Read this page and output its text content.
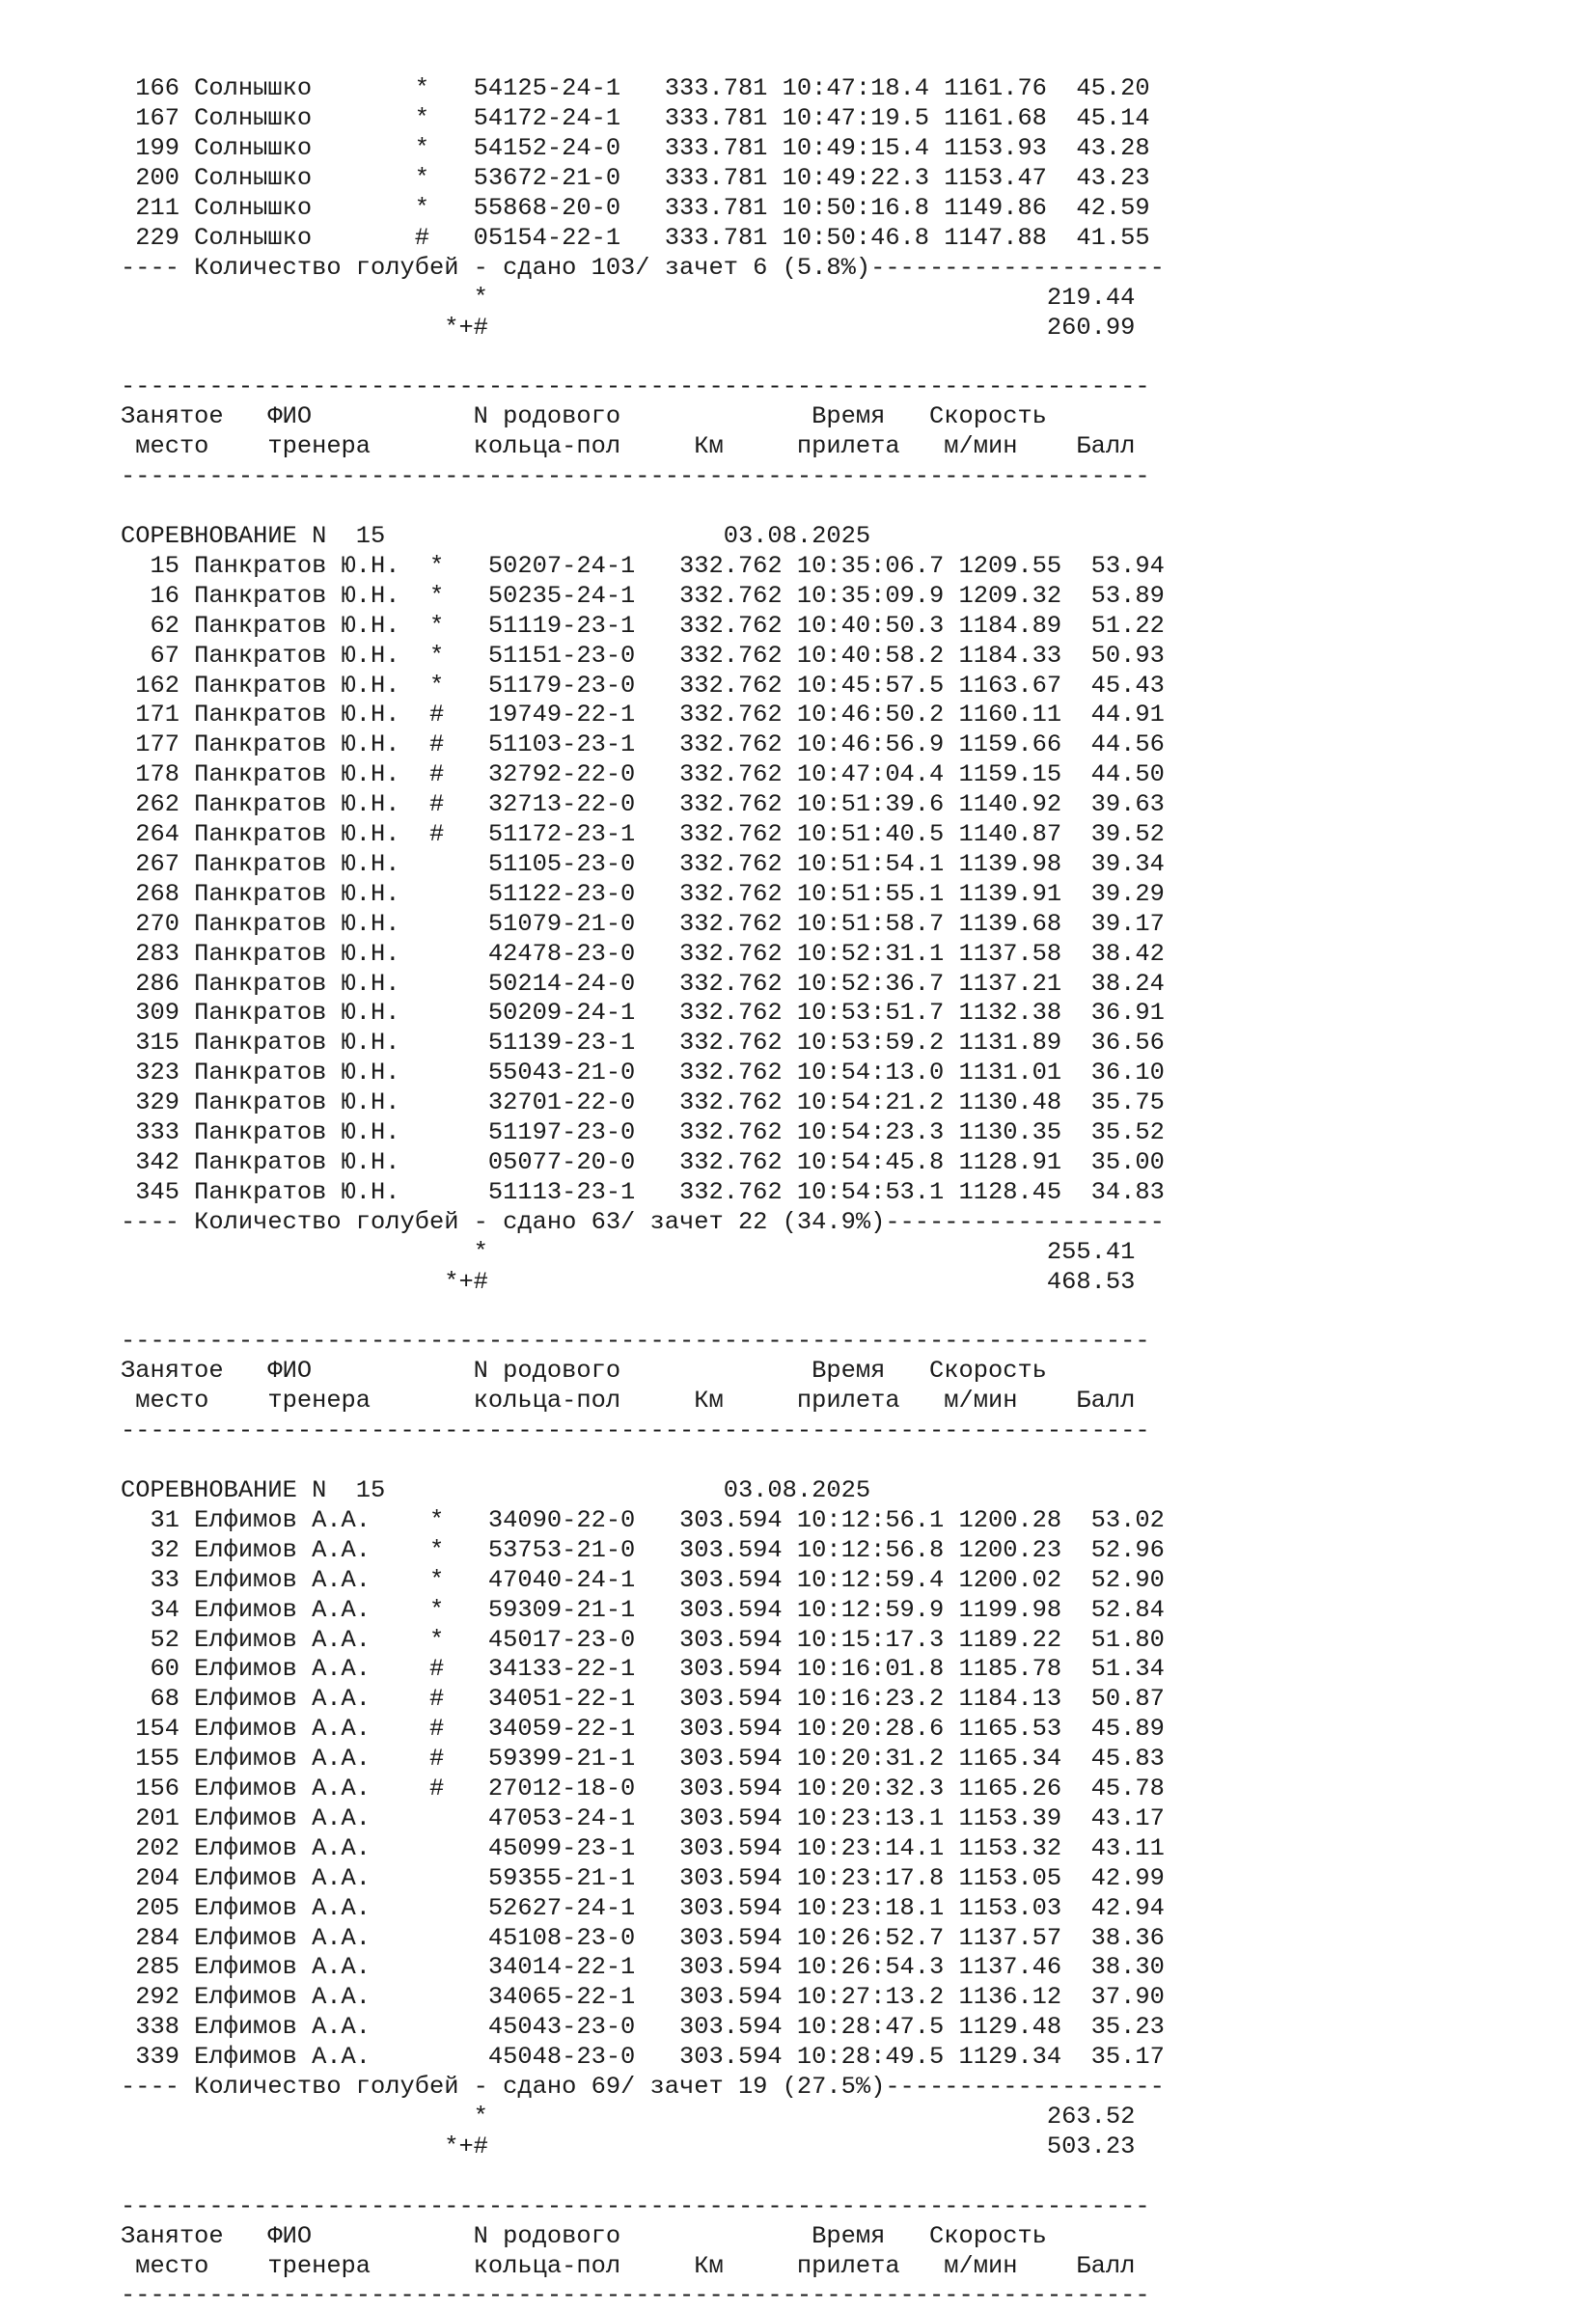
166 Солнышко       *   54125-24-1   333.781 10:47:18.4 1161.76  45.20
167 Солнышко       *   54172-24-1   333.781 10:47:19.5 1161.68  45.14
199 Солнышко       *   54152-24-0   333.781 10:49:15.4 1153.93  43.28
200 Солнышко       *   53672-21-0   333.781 10:49:22.3 1153.47  43.23
211 Солнышко       *   55868-20-0   333.781 10:50:16.8 1149.86  42.59
229 Солнышко       #   05154-22-1   333.781 10:50:46.8 1147.88  41.55
---- Количество голубей - сдано 103/ зачет 6 (5.8%)--------------------
*                                      219.44
*+#                                      260.99

----------------------------------------------------------------------
Занятое   ФИО           N родового             Время   Скорость
место    тренера       кольца-пол     Км     прилета   м/мин    Балл
----------------------------------------------------------------------

СОРЕВНОВАНИЕ N  15                       03.08.2025
15 Панкратов Ю.Н.  *   50207-24-1   332.762 10:35:06.7 1209.55  53.94
16 Панкратов Ю.Н.  *   50235-24-1   332.762 10:35:09.9 1209.32  53.89
62 Панкратов Ю.Н.  *   51119-23-1   332.762 10:40:50.3 1184.89  51.22
67 Панкратов Ю.Н.  *   51151-23-0   332.762 10:40:58.2 1184.33  50.93
162 Панкратов Ю.Н.  *   51179-23-0   332.762 10:45:57.5 1163.67  45.43
171 Панкратов Ю.Н.  #   19749-22-1   332.762 10:46:50.2 1160.11  44.91
177 Панкратов Ю.Н.  #   51103-23-1   332.762 10:46:56.9 1159.66  44.56
178 Панкратов Ю.Н.  #   32792-22-0   332.762 10:47:04.4 1159.15  44.50
262 Панкратов Ю.Н.  #   32713-22-0   332.762 10:51:39.6 1140.92  39.63
264 Панкратов Ю.Н.  #   51172-23-1   332.762 10:51:40.5 1140.87  39.52
267 Панкратов Ю.Н.      51105-23-0   332.762 10:51:54.1 1139.98  39.34
268 Панкратов Ю.Н.      51122-23-0   332.762 10:51:55.1 1139.91  39.29
270 Панкратов Ю.Н.      51079-21-0   332.762 10:51:58.7 1139.68  39.17
283 Панкратов Ю.Н.      42478-23-0   332.762 10:52:31.1 1137.58  38.42
286 Панкратов Ю.Н.      50214-24-0   332.762 10:52:36.7 1137.21  38.24
309 Панкратов Ю.Н.      50209-24-1   332.762 10:53:51.7 1132.38  36.91
315 Панкратов Ю.Н.      51139-23-1   332.762 10:53:59.2 1131.89  36.56
323 Панкратов Ю.Н.      55043-21-0   332.762 10:54:13.0 1131.01  36.10
329 Панкратов Ю.Н.      32701-22-0   332.762 10:54:21.2 1130.48  35.75
333 Панкратов Ю.Н.      51197-23-0   332.762 10:54:23.3 1130.35  35.52
342 Панкратов Ю.Н.      05077-20-0   332.762 10:54:45.8 1128.91  35.00
345 Панкратов Ю.Н.      51113-23-1   332.762 10:54:53.1 1128.45  34.83
---- Количество голубей - сдано 63/ зачет 22 (34.9%)-------------------
*                                      255.41
*+#                                      468.53

----------------------------------------------------------------------
Занятое   ФИО           N родового             Время   Скорость
место    тренера       кольца-пол     Км     прилета   м/мин    Балл
----------------------------------------------------------------------

СОРЕВНОВАНИЕ N  15                       03.08.2025
31 Елфимов А.А.    *   34090-22-0   303.594 10:12:56.1 1200.28  53.02
32 Елфимов А.А.    *   53753-21-0   303.594 10:12:56.8 1200.23  52.96
33 Елфимов А.А.    *   47040-24-1   303.594 10:12:59.4 1200.02  52.90
34 Елфимов А.А.    *   59309-21-1   303.594 10:12:59.9 1199.98  52.84
52 Елфимов А.А.    *   45017-23-0   303.594 10:15:17.3 1189.22  51.80
60 Елфимов А.А.    #   34133-22-1   303.594 10:16:01.8 1185.78  51.34
68 Елфимов А.А.    #   34051-22-1   303.594 10:16:23.2 1184.13  50.87
154 Елфимов А.А.    #   34059-22-1   303.594 10:20:28.6 1165.53  45.89
155 Елфимов А.А.    #   59399-21-1   303.594 10:20:31.2 1165.34  45.83
156 Елфимов А.А.    #   27012-18-0   303.594 10:20:32.3 1165.26  45.78
201 Елфимов А.А.        47053-24-1   303.594 10:23:13.1 1153.39  43.17
202 Елфимов А.А.        45099-23-1   303.594 10:23:14.1 1153.32  43.11
204 Елфимов А.А.        59355-21-1   303.594 10:23:17.8 1153.05  42.99
205 Елфимов А.А.        52627-24-1   303.594 10:23:18.1 1153.03  42.94
284 Елфимов А.А.        45108-23-0   303.594 10:26:52.7 1137.57  38.36
285 Елфимов А.А.        34014-22-1   303.594 10:26:54.3 1137.46  38.30
292 Елфимов А.А.        34065-22-1   303.594 10:27:13.2 1136.12  37.90
338 Елфимов А.А.        45043-23-0   303.594 10:28:47.5 1129.48  35.23
339 Елфимов А.А.        45048-23-0   303.594 10:28:49.5 1129.34  35.17
---- Количество голубей - сдано 69/ зачет 19 (27.5%)-------------------
*                                      263.52
*+#                                      503.23

----------------------------------------------------------------------
Занятое   ФИО           N родового             Время   Скорость
место    тренера       кольца-пол     Км     прилета   м/мин    Балл
----------------------------------------------------------------------
